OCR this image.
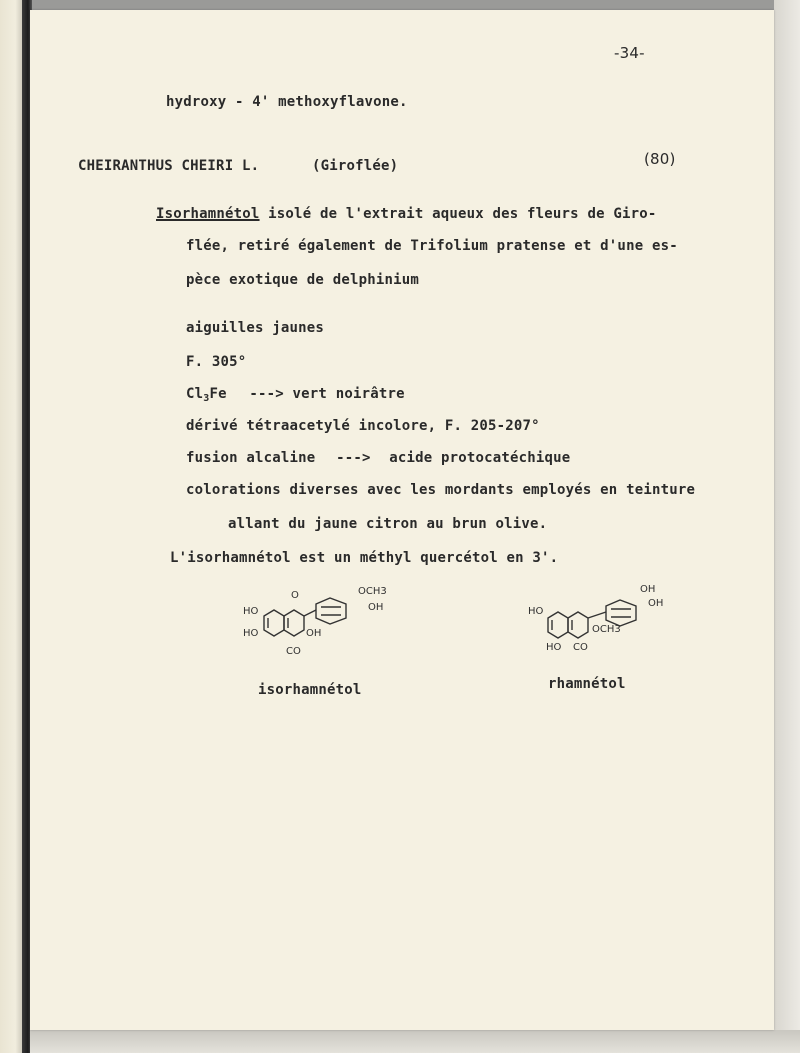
-34-
hydroxy - 4' methoxyflavone.
CHEIRANTHUS CHEIRI L.	(Giroflée)	(80)
Isorhamnétol isolé de l'extrait aqueux des fleurs de Giro-
flée, retiré également de Trifolium pratense et d'une es-
pèce exotique de delphinium
aiguilles jaunes
F. 305°
$Cl_3Fe$ ---> vert noirâtre
dérivé tétraacetylé incolore, F. 205-207°
fusion alcaline ---> acide protocatéchique
colorations diverses avec les mordants employés en teinture
allant du jaune citron au brun olive.
L'isorhamnétol est un méthyl quercétol en 3'.
HO
HO
O
OH
CO
OCH3
OH
isorhamnétol
HO
HO CO
OCH3
OH
OH
rhamnétol
